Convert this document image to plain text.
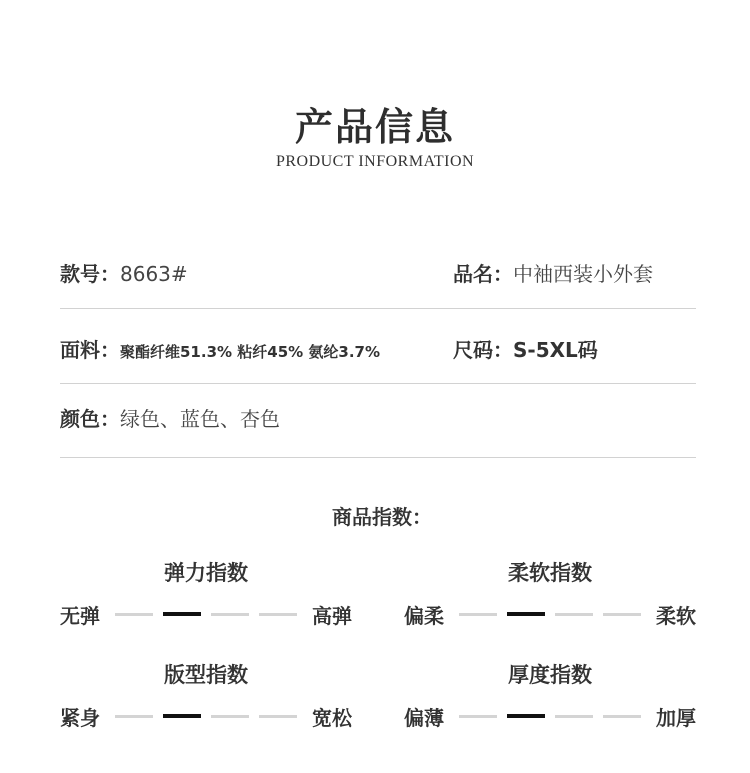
产品信息
PRODUCT INFORMATION
款号： 8663#	品名： 中袖西装小外套
面料： 聚酯纤维51.3% 粘纤45% 氨纶3.7%	尺码： S-5XL码
颜色： 绿色、蓝色、杏色
商品指数：
弹力指数
无弹	高弹
柔软指数
偏柔	柔软
版型指数
紧身	宽松
厚度指数
偏薄	加厚
